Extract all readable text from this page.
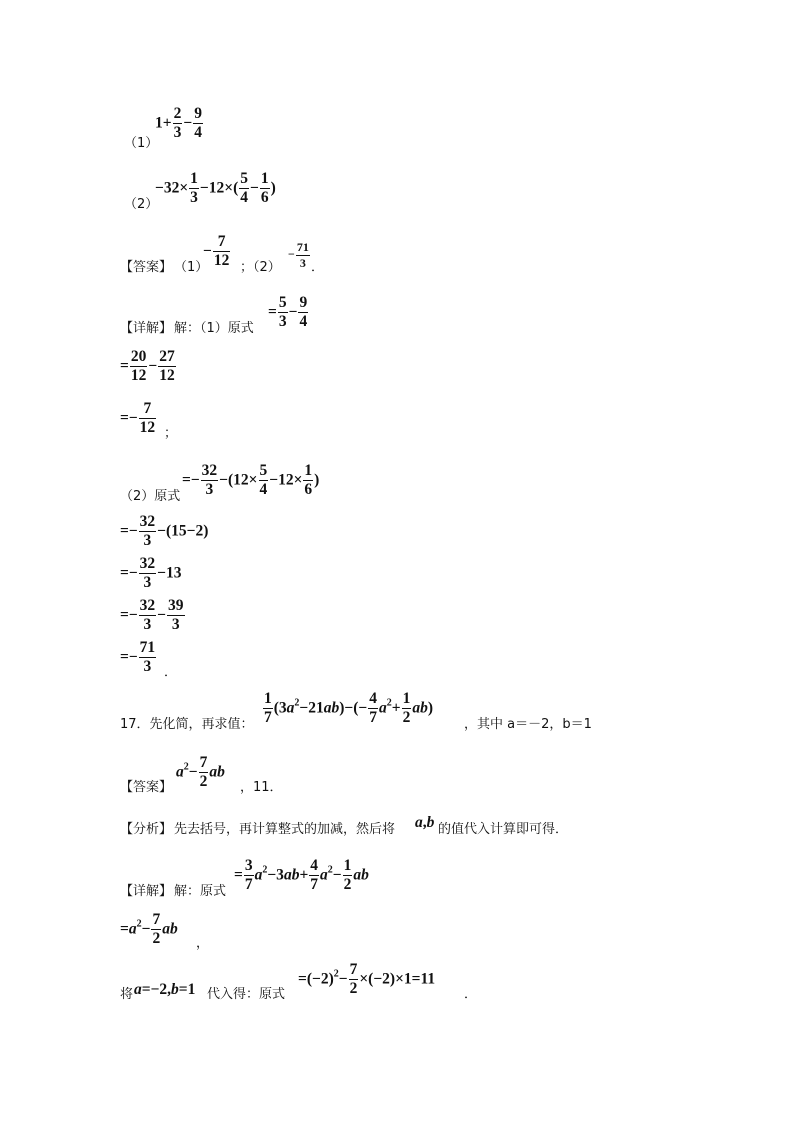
（1）
$1+ \frac{2}{3} - \frac{9}{4}$
（2）
$-32\times \frac{1}{3} -12\times( \frac{5}{4} - \frac{1}{6}$ )
【答案】 （1）
− $\frac{7}{12}$ ；（2）
− $\frac{71}{3}$ ．
【详解】 解：（1）原式
= $\frac{5}{3} - \frac{9}{4}$
= $\frac{20}{12} - \frac{27}{12}$
=− $\frac{7}{12}$ ；
（2）原式
=− $\frac{32}{3} -(12\times \frac{5}{4} -12\times \frac{1}{6}$ )
=− $\frac{32}{3} -(15-2)$
=− $\frac{32}{3} -13$
=− $\frac{32}{3} - \frac{39}{3}$
=− $\frac{71}{3}$ ．
17．先化简，再求值： $\frac{1}{7} (3a^2-21ab)-(- \frac{4}{7} a^2+ \frac{1}{2} ab)$
，其中 a＝－2，b＝1
【答案】
$a^2- \frac{7}{2}$ ab
，11．
【分析】 先去括号，再计算整式的加减，然后将 a,b 的值代入计算即可得．
【详解】 解：原式
= $\frac{3}{7} a^2-3ab+ \frac{4}{7} a^2- \frac{1}{2}$ ab
$=a^2- \frac{7}{2}$ ab
，
将 a=−2,b=1 代入得：原式
$=(-2)^2- \frac{7}{2} \times(-2)\times 1=11$
．
